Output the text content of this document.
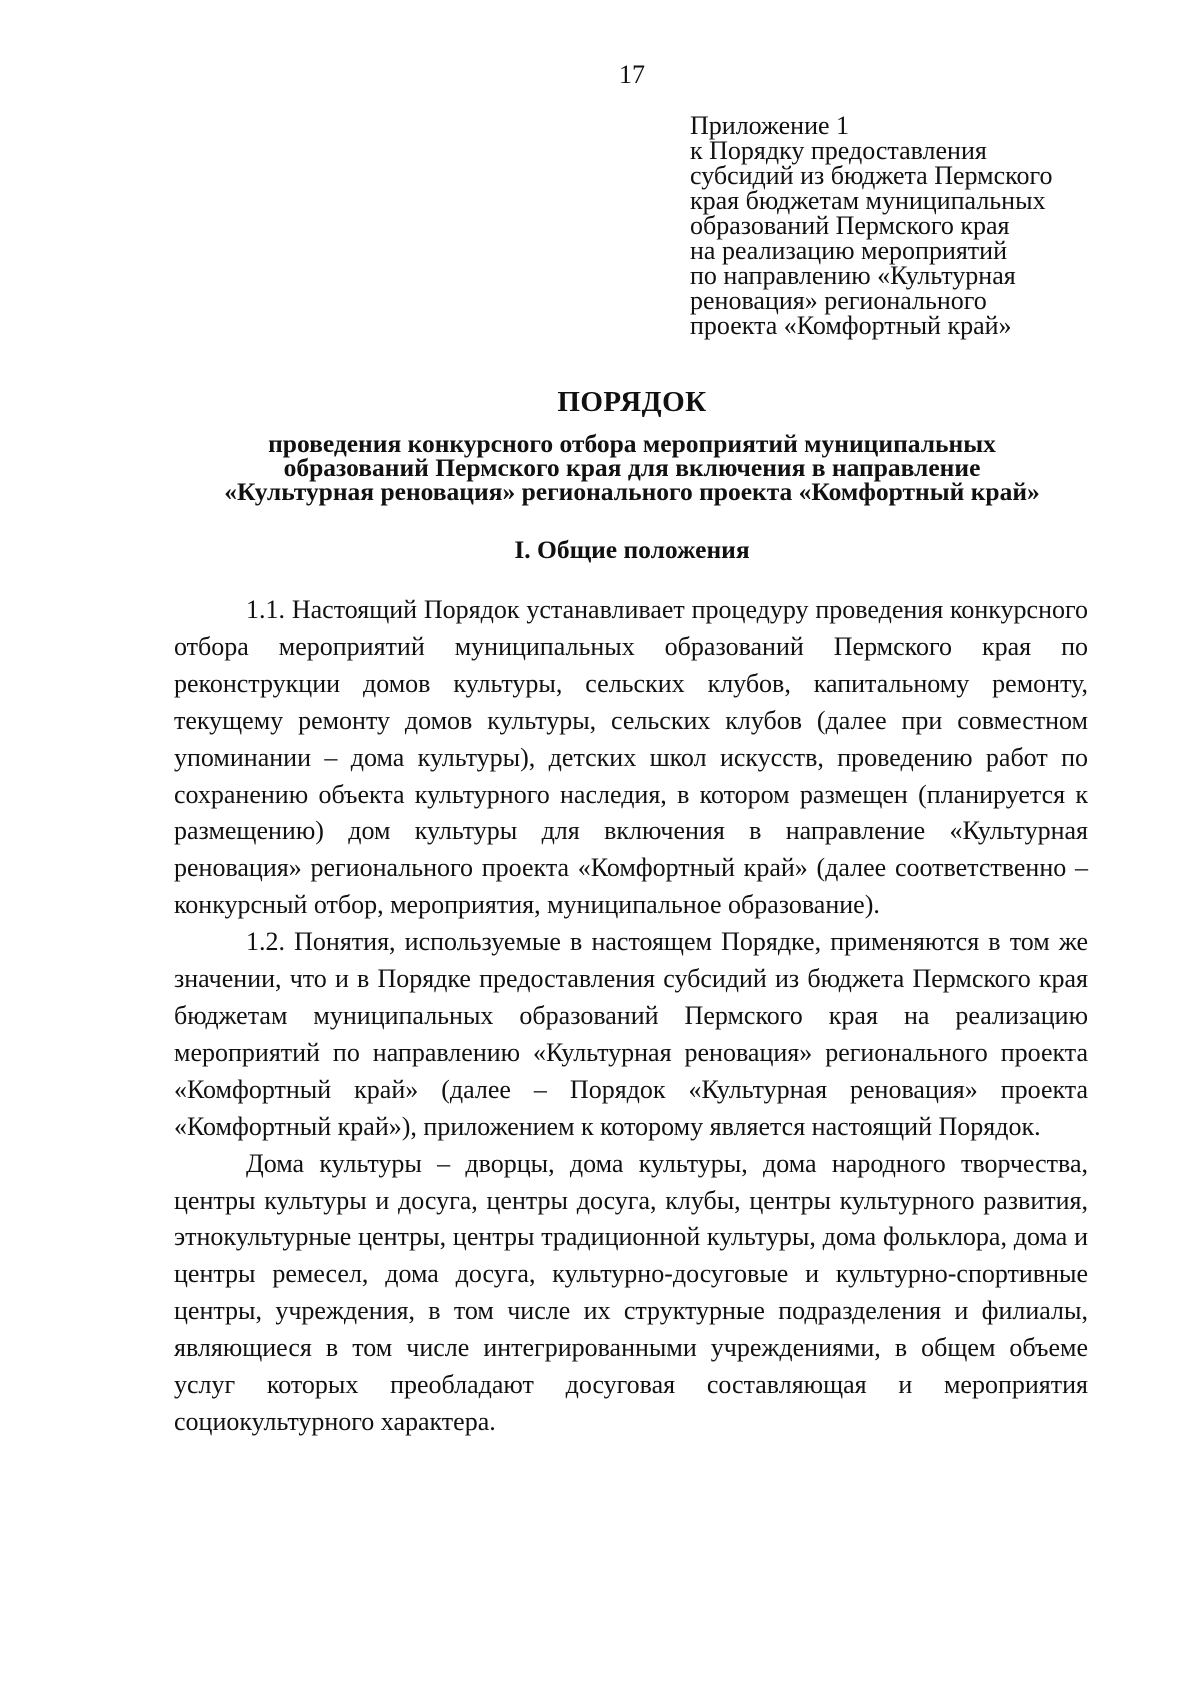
17
Приложение 1
к Порядку предоставления
субсидий из бюджета Пермского
края бюджетам муниципальных
образований Пермского края
на реализацию мероприятий
по направлению «Культурная
реновация» регионального
проекта «Комфортный край»
ПОРЯДОК
проведения конкурсного отбора мероприятий муниципальных
образований Пермского края для включения в направление
«Культурная реновация» регионального проекта «Комфортный край»
I. Общие положения

1.1. Настоящий Порядок устанавливает процедуру проведения конкурсного отбора мероприятий муниципальных образований Пермского края по реконструкции домов культуры, сельских клубов, капитальному ремонту, текущему ремонту домов культуры, сельских клубов (далее при совместном упоминании – дома культуры), детских школ искусств, проведению работ по сохранению объекта культурного наследия, в котором размещен (планируется к размещению) дом культуры для включения в направление «Культурная реновация» регионального проекта «Комфортный край» (далее соответственно – конкурсный отбор, мероприятия, муниципальное образование).

1.2. Понятия, используемые в настоящем Порядке, применяются в том же значении, что и в Порядке предоставления субсидий из бюджета Пермского края бюджетам муниципальных образований Пермского края на реализацию мероприятий по направлению «Культурная реновация» регионального проекта «Комфортный край» (далее – Порядок «Культурная реновация» проекта «Комфортный край»), приложением к которому является настоящий Порядок.

Дома культуры – дворцы, дома культуры, дома народного творчества, центры культуры и досуга, центры досуга, клубы, центры культурного развития, этнокультурные центры, центры традиционной культуры, дома фольклора, дома и центры ремесел, дома досуга, культурно-досуговые и культурно-спортивные центры, учреждения, в том числе их структурные подразделения и филиалы, являющиеся в том числе интегрированными учреждениями, в общем объеме услуг которых преобладают досуговая составляющая и мероприятия социокультурного характера.
